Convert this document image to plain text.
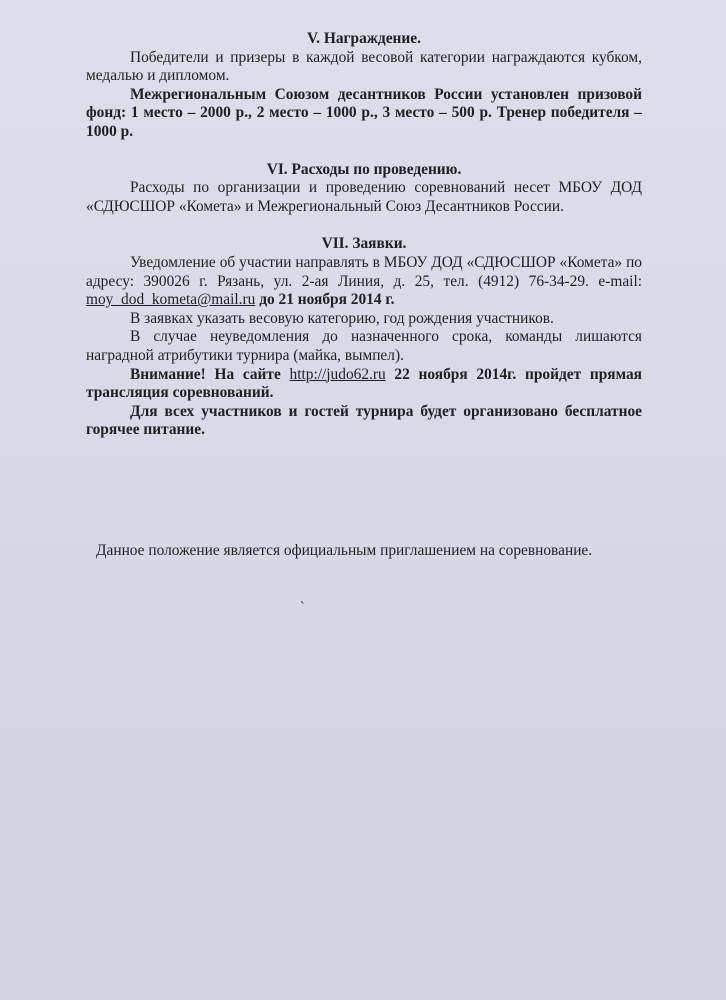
V. Награждение.

Победители и призеры в каждой весовой категории награждаются кубком, медалью и дипломом.

Межрегиональным Союзом десантников России установлен призовой фонд: 1 место – 2000 р., 2 место – 1000 р., 3 место – 500 р. Тренер победителя – 1000 р.

VI. Расходы по проведению.

Расходы по организации и проведению соревнований несет МБОУ ДОД «СДЮСШОР «Комета» и Межрегиональный Союз Десантников России.

VII. Заявки.

Уведомление об участии направлять в МБОУ ДОД «СДЮСШОР «Комета» по адресу: 390026 г. Рязань, ул. 2-ая Линия, д. 25, тел. (4912) 76-34-29. e-mail: moy_dod_kometa@mail.ru до 21 ноября 2014 г.

В заявках указать весовую категорию, год рождения участников.

В случае неуведомления до назначенного срока, команды лишаются наградной атрибутики турнира (майка, вымпел).

Внимание! На сайте http://judo62.ru 22 ноября 2014г. пройдет прямая трансляция соревнований.

Для всех участников и гостей турнира будет организовано бесплатное горячее питание.

Данное положение является официальным приглашением на соревнование.
ˋ
